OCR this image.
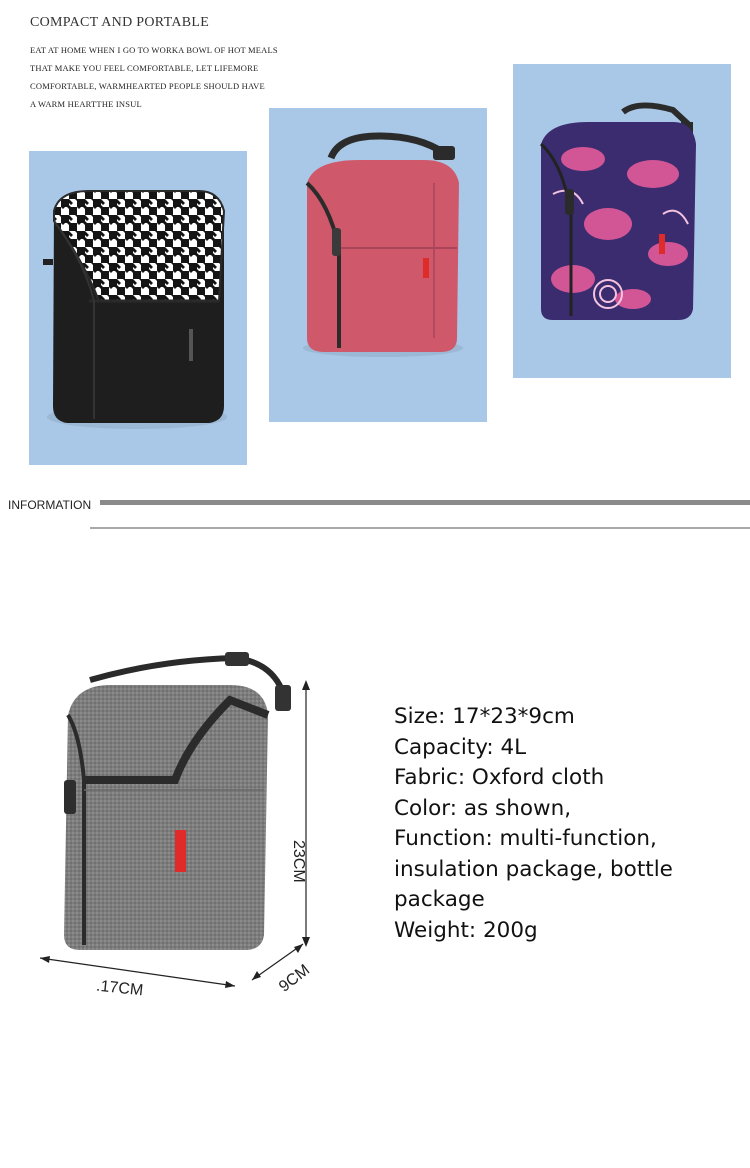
COMPACT AND PORTABLE
EAT AT HOME WHEN I GO TO WORKA BOWL OF HOT MEALS
THAT MAKE YOU FEEL COMFORTABLE, LET LIFEMORE
COMFORTABLE, WARMHEARTED PEOPLE SHOULD HAVE
A WARM HEARTTHE INSUL
INFORMATION
23CM
.17CM	9CM
Size: 17*23*9cm
Capacity: 4L
Fabric: Oxford cloth
Color: as shown,
Function: multi-function,
insulation package, bottle
package
Weight: 200g
